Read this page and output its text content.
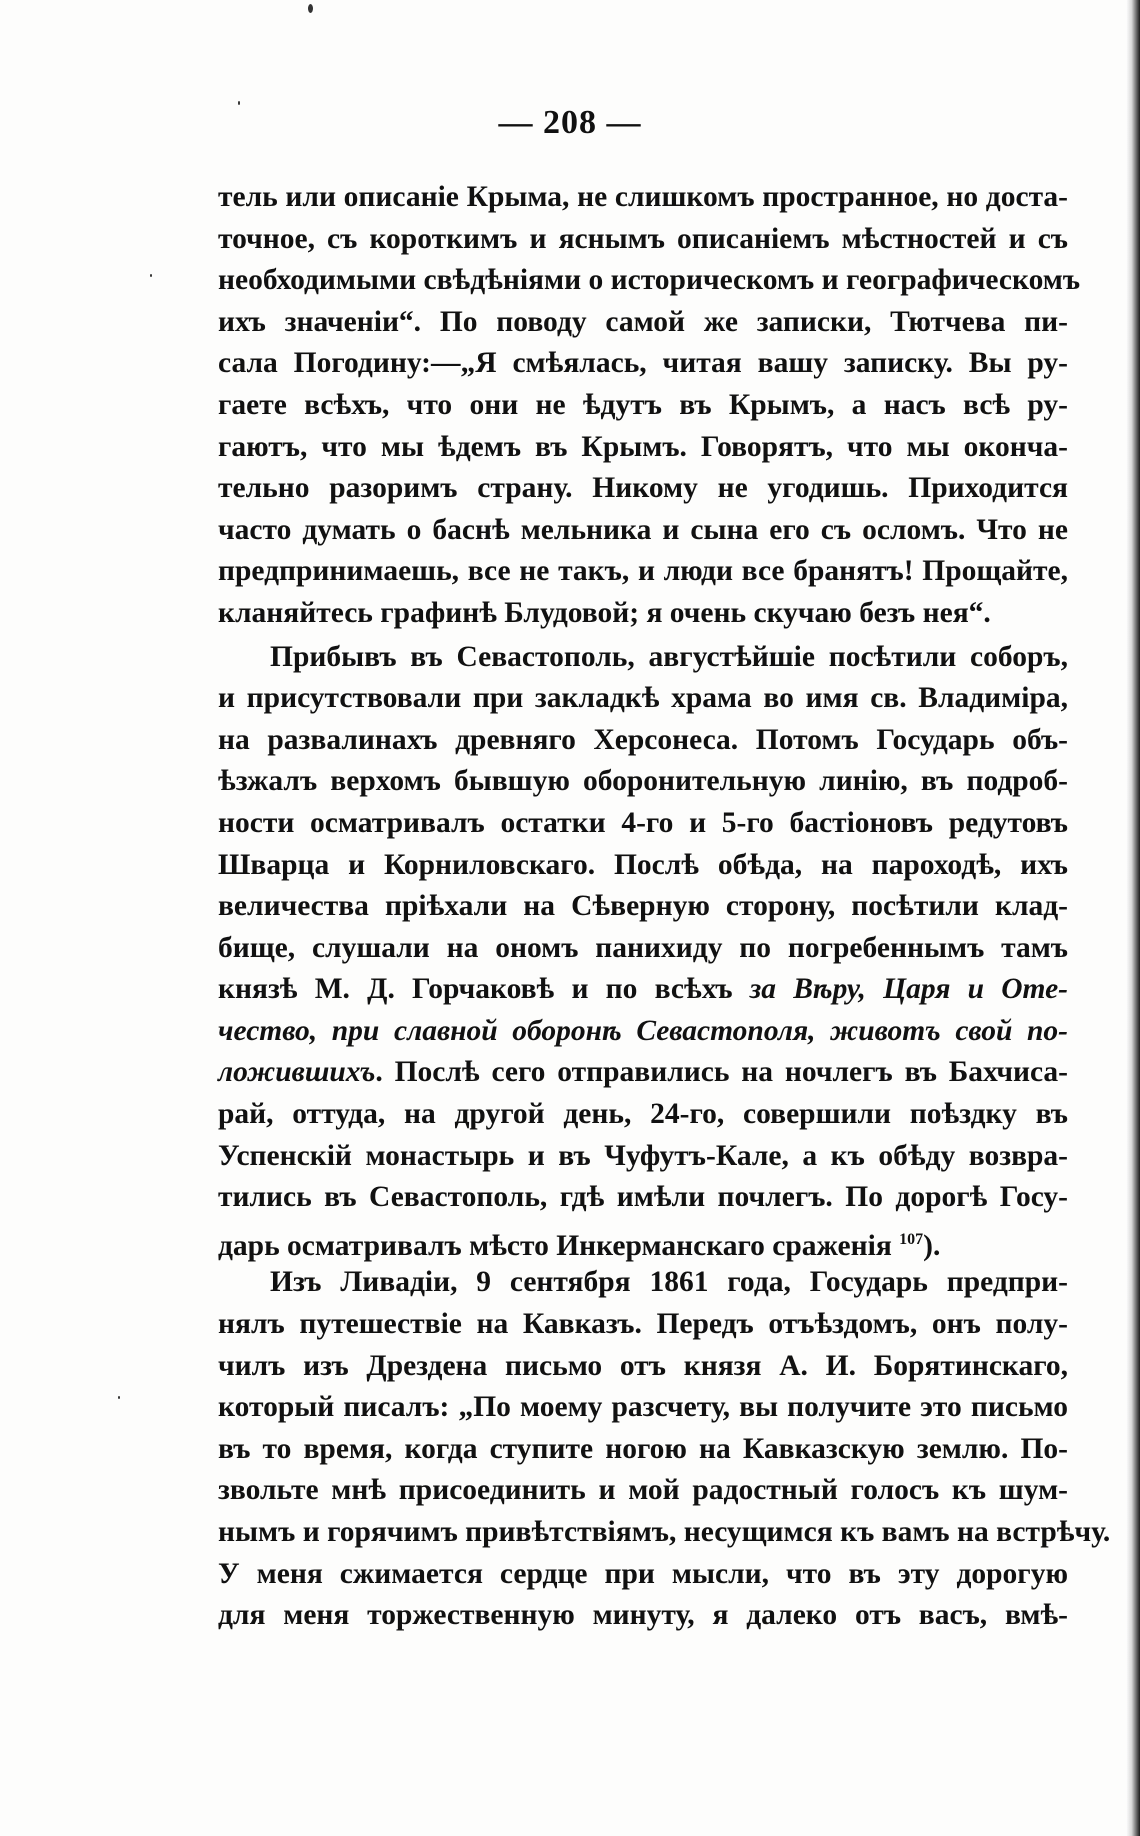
— 208 —
тель или описаніе Крыма, не слишкомъ пространное, но доста-
точное, съ короткимъ и яснымъ описаніемъ мѣстностей и съ
необходимыми свѣдѣніями о историческомъ и географическомъ
ихъ значеніи“. По поводу самой же записки, Тютчева пи-
сала Погодину:—„Я смѣялась, читая вашу записку. Вы ру-
гаете всѣхъ, что они не ѣдутъ въ Крымъ, а насъ всѣ ру-
гаютъ, что мы ѣдемъ въ Крымъ. Говорятъ, что мы оконча-
тельно разоримъ страну. Никому не угодишь. Приходится
часто думать о баснѣ мельника и сына его съ осломъ. Что не
предпринимаешь, все не такъ, и люди все бранятъ! Прощайте,
кланяйтесь графинѣ Блудовой; я очень скучаю безъ нея“.
Прибывъ въ Севастополь, августѣйшіе посѣтили соборъ,
и присутствовали при закладкѣ храма во имя св. Владиміра,
на развалинахъ древняго Херсонеса. Потомъ Государь объ-
ѣзжалъ верхомъ бывшую оборонительную линію, въ подроб-
ности осматривалъ остатки 4-го и 5-го бастіоновъ редутовъ
Шварца и Корниловскаго. Послѣ обѣда, на пароходѣ, ихъ
величества пріѣхали на Сѣверную сторону, посѣтили клад-
бище, слушали на ономъ панихиду по погребеннымъ тамъ
князѣ М. Д. Горчаковѣ и по всѣхъ за Вѣру, Царя и Оте-
чество, при славной оборонѣ Севастополя, животъ свой по-
ложившихъ. Послѣ сего отправились на ночлегъ въ Бахчиса-
рай, оттуда, на другой день, 24-го, совершили поѣздку въ
Успенскій монастырь и въ Чуфутъ-Кале, а къ обѣду возвра-
тились въ Севастополь, гдѣ имѣли почлегъ. По дорогѣ Госу-
дарь осматривалъ мѣсто Инкерманскаго сраженія $^{107}$).
Изъ Ливадіи, 9 сентября 1861 года, Государь предпри-
нялъ путешествіе на Кавказъ. Передъ отъѣздомъ, онъ полу-
чилъ изъ Дрездена письмо отъ князя А. И. Борятинскаго,
который писалъ: „По моему разсчету, вы получите это письмо
въ то время, когда ступите ногою на Кавказскую землю. По-
звольте мнѣ присоединить и мой радостный голосъ къ шум-
нымъ и горячимъ привѣтствіямъ, несущимся къ вамъ на встрѣчу.
У меня сжимается сердце при мысли, что въ эту дорогую
для меня торжественную минуту, я далеко отъ васъ, вмѣ-
